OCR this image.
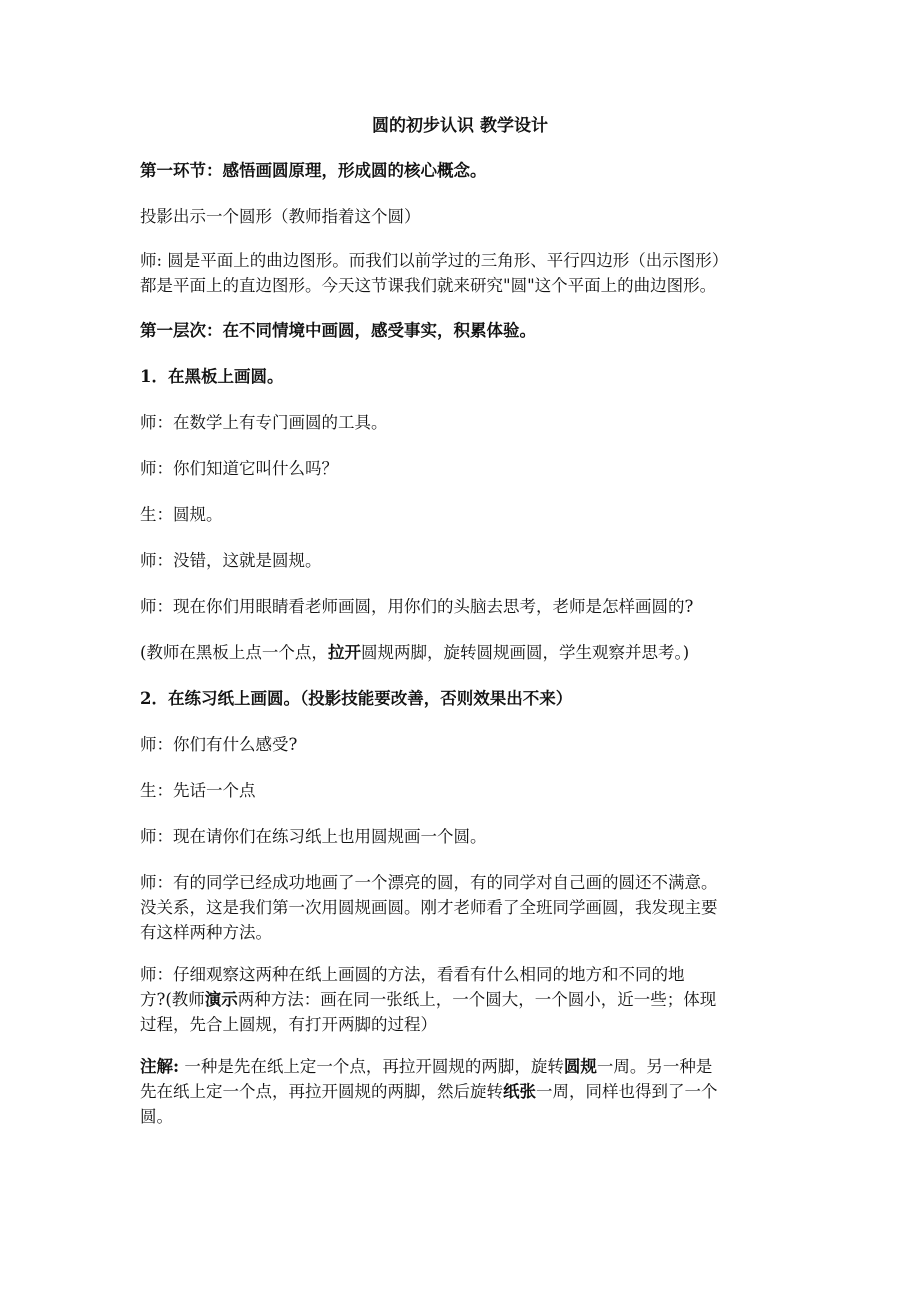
圆的初步认识 教学设计

第一环节：感悟画圆原理，形成圆的核心概念。

投影出示一个圆形（教师指着这个圆）

师: 圆是平面上的曲边图形。而我们以前学过的三角形、平行四边形（出示图形）
都是平面上的直边图形。今天这节课我们就来研究"圆"这个平面上的曲边图形。

第一层次：在不同情境中画圆，感受事实，积累体验。

1．在黑板上画圆。

师：在数学上有专门画圆的工具。

师：你们知道它叫什么吗？

生：圆规。

师：没错，这就是圆规。

师：现在你们用眼睛看老师画圆，用你们的头脑去思考，老师是怎样画圆的?

(教师在黑板上点一个点，拉开圆规两脚，旋转圆规画圆，学生观察并思考。)

2．在练习纸上画圆。（投影技能要改善，否则效果出不来）

师：你们有什么感受?

生：先话一个点

师：现在请你们在练习纸上也用圆规画一个圆。

师：有的同学已经成功地画了一个漂亮的圆，有的同学对自己画的圆还不满意。
没关系，这是我们第一次用圆规画圆。刚才老师看了全班同学画圆，我发现主要
有这样两种方法。

师：仔细观察这两种在纸上画圆的方法，看看有什么相同的地方和不同的地
方?(教师演示两种方法：画在同一张纸上，一个圆大，一个圆小，近一些；体现
过程，先合上圆规，有打开两脚的过程）

注解: 一种是先在纸上定一个点，再拉开圆规的两脚，旋转圆规一周。另一种是
先在纸上定一个点，再拉开圆规的两脚，然后旋转纸张一周，同样也得到了一个
圆。
